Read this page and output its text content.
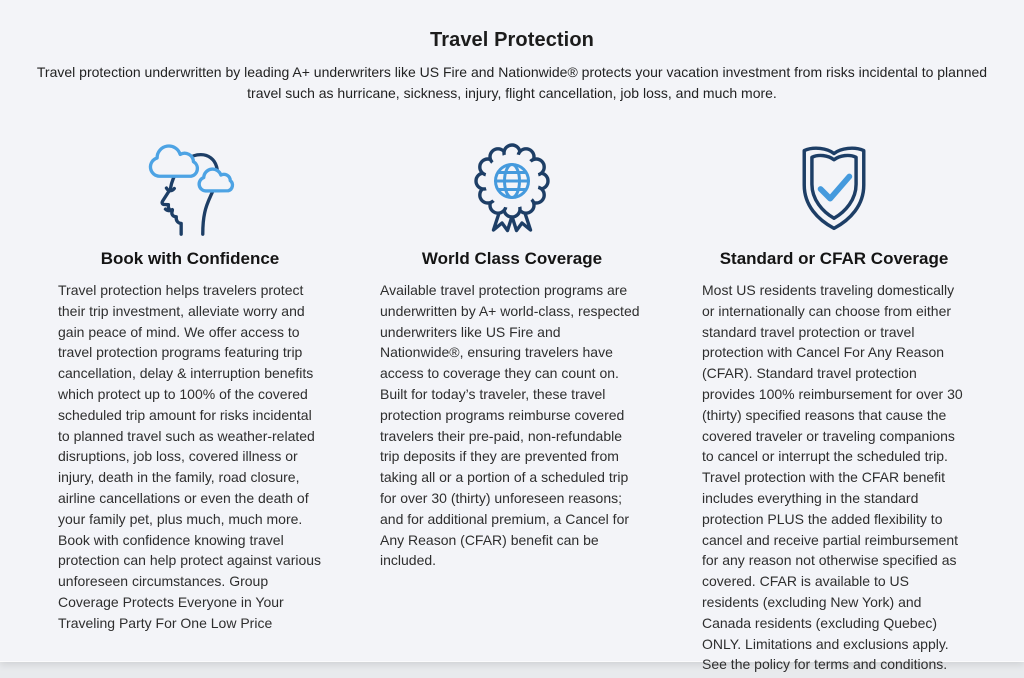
Travel Protection

Travel protection underwritten by leading A+ underwriters like US Fire and Nationwide® protects your vacation investment from risks incidental to planned travel such as hurricane, sickness, injury, flight cancellation, job loss, and much more.

Book with Confidence

Travel protection helps travelers protect their trip investment, alleviate worry and gain peace of mind. We offer access to travel protection programs featuring trip cancellation, delay & interruption benefits which protect up to 100% of the covered scheduled trip amount for risks incidental to planned travel such as weather-related disruptions, job loss, covered illness or injury, death in the family, road closure, airline cancellations or even the death of your family pet, plus much, much more. Book with confidence knowing travel protection can help protect against various unforeseen circumstances. Group Coverage Protects Everyone in Your Traveling Party For One Low Price

World Class Coverage

Available travel protection programs are underwritten by A+ world-class, respected underwriters like US Fire and Nationwide®, ensuring travelers have access to coverage they can count on. Built for today’s traveler, these travel protection programs reimburse covered travelers their pre-paid, non-refundable trip deposits if they are prevented from taking all or a portion of a scheduled trip for over 30 (thirty) unforeseen reasons; and for additional premium, a Cancel for Any Reason (CFAR) benefit can be included.

Standard or CFAR Coverage

Most US residents traveling domestically or internationally can choose from either standard travel protection or travel protection with Cancel For Any Reason (CFAR). Standard travel protection provides 100% reimbursement for over 30 (thirty) specified reasons that cause the covered traveler or traveling companions to cancel or interrupt the scheduled trip. Travel protection with the CFAR benefit includes everything in the standard protection PLUS the added flexibility to cancel and receive partial reimbursement for any reason not otherwise specified as covered. CFAR is available to US residents (excluding New York) and Canada residents (excluding Quebec) ONLY. Limitations and exclusions apply. See the policy for terms and conditions.
